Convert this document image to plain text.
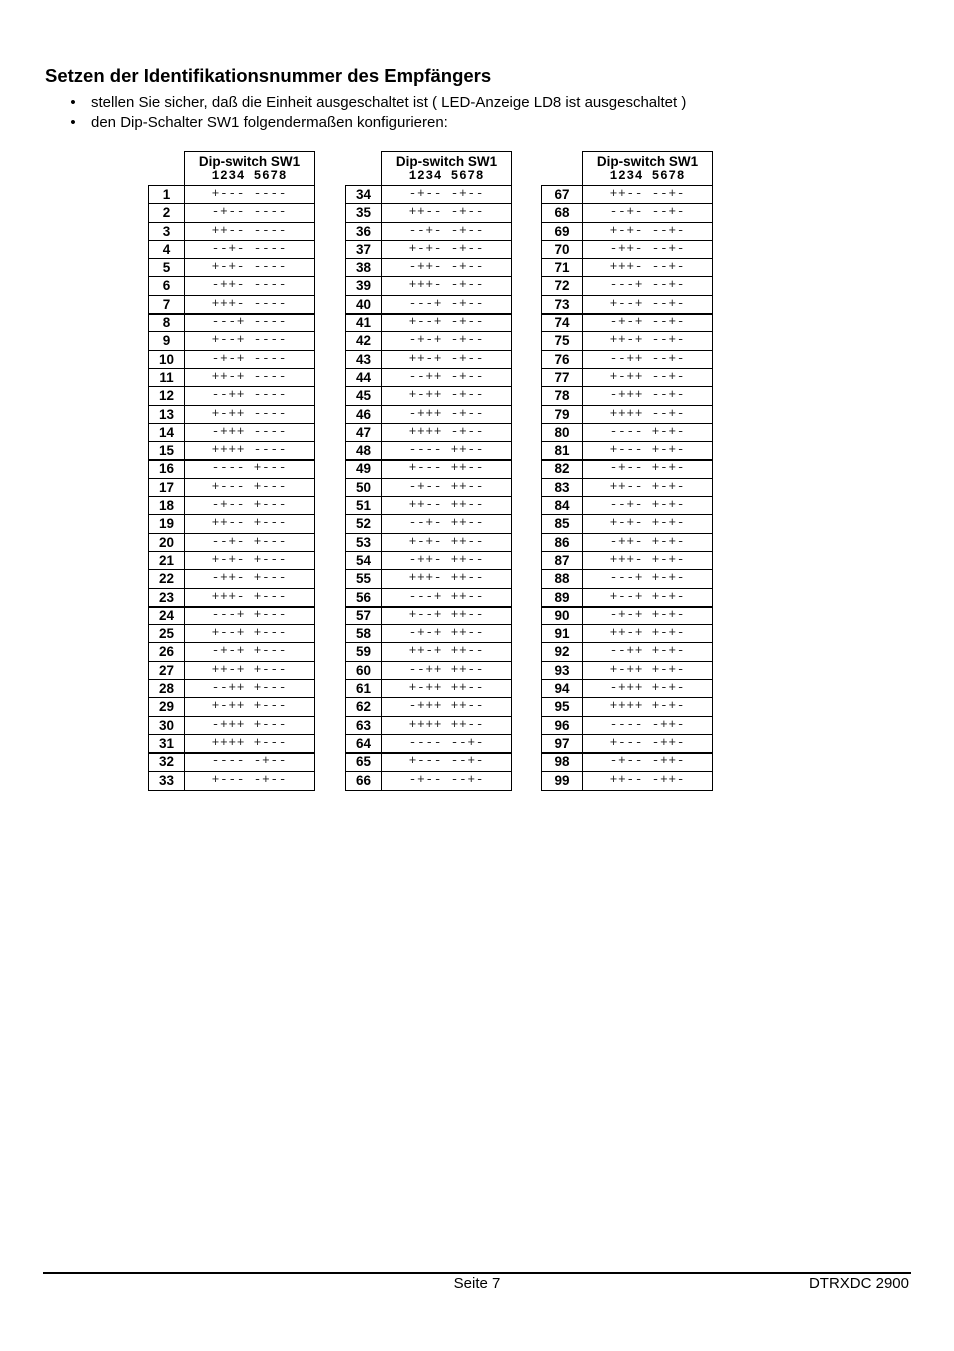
Setzen der Identifikationsnummer des Empfängers
• stellen Sie sicher, daß die Einheit ausgeschaltet ist ( LED-Anzeige LD8 ist ausgeschaltet )
• den Dip-Schalter SW1 folgendermaßen konfigurieren:
Dip-switch SW1
1234 5678
1	+--- ----
2	-+-- ----
3	++-- ----
4	--+- ----
5	+-+- ----
6	-++- ----
7	+++- ----
8	---+ ----
9	+--+ ----
10	-+-+ ----
11	++-+ ----
12	--++ ----
13	+-++ ----
14	-+++ ----
15	++++ ----
16	---- +---
17	+--- +---
18	-+-- +---
19	++-- +---
20	--+- +---
21	+-+- +---
22	-++- +---
23	+++- +---
24	---+ +---
25	+--+ +---
26	-+-+ +---
27	++-+ +---
28	--++ +---
29	+-++ +---
30	-+++ +---
31	++++ +---
32	---- -+--
33	+--- -+--
Dip-switch SW1
1234 5678
34	-+-- -+--
35	++-- -+--
36	--+- -+--
37	+-+- -+--
38	-++- -+--
39	+++- -+--
40	---+ -+--
41	+--+ -+--
42	-+-+ -+--
43	++-+ -+--
44	--++ -+--
45	+-++ -+--
46	-+++ -+--
47	++++ -+--
48	---- ++--
49	+--- ++--
50	-+-- ++--
51	++-- ++--
52	--+- ++--
53	+-+- ++--
54	-++- ++--
55	+++- ++--
56	---+ ++--
57	+--+ ++--
58	-+-+ ++--
59	++-+ ++--
60	--++ ++--
61	+-++ ++--
62	-+++ ++--
63	++++ ++--
64	---- --+-
65	+--- --+-
66	-+-- --+-
Dip-switch SW1
1234 5678
67	++-- --+-
68	--+- --+-
69	+-+- --+-
70	-++- --+-
71	+++- --+-
72	---+ --+-
73	+--+ --+-
74	-+-+ --+-
75	++-+ --+-
76	--++ --+-
77	+-++ --+-
78	-+++ --+-
79	++++ --+-
80	---- +-+-
81	+--- +-+-
82	-+-- +-+-
83	++-- +-+-
84	--+- +-+-
85	+-+- +-+-
86	-++- +-+-
87	+++- +-+-
88	---+ +-+-
89	+--+ +-+-
90	-+-+ +-+-
91	++-+ +-+-
92	--++ +-+-
93	+-++ +-+-
94	-+++ +-+-
95	++++ +-+-
96	---- -++-
97	+--- -++-
98	-+-- -++-
99	++-- -++-
Seite 7	DTRXDC 2900
